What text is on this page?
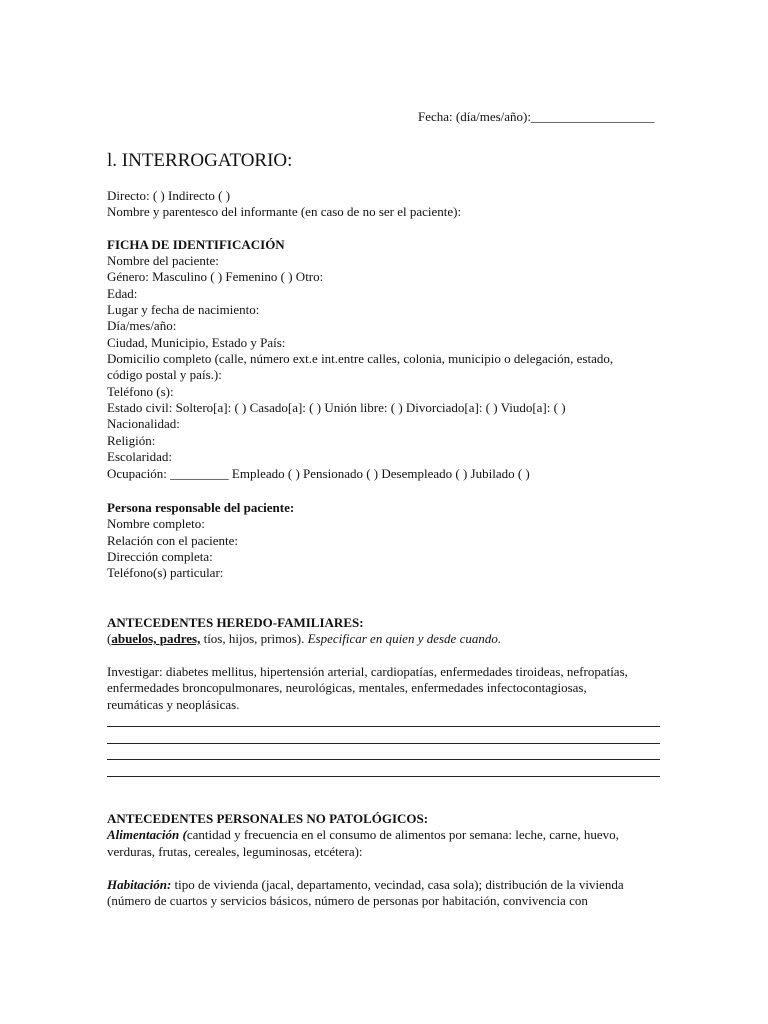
Fecha: (día/mes/año):___________________
l. INTERROGATORIO:
Directo: ( ) Indirecto ( )
Nombre y parentesco del informante (en caso de no ser el paciente):
FICHA DE IDENTIFICACIÓN
Nombre del paciente:
Género: Masculino ( ) Femenino ( ) Otro:
Edad:
Lugar y fecha de nacimiento:
Día/mes/año:
Ciudad, Municipio, Estado y País:
Domicilio completo (calle, número ext.e int.entre calles, colonia, municipio o delegación, estado,
código postal y país.):
Teléfono (s):
Estado civil: Soltero[a]: ( ) Casado[a]: ( ) Unión libre: ( ) Divorciado[a]: ( ) Viudo[a]: ( )
Nacionalidad:
Religión:
Escolaridad:
Ocupación: _________ Empleado ( ) Pensionado ( ) Desempleado ( ) Jubilado ( )
Persona responsable del paciente:
Nombre completo:
Relación con el paciente:
Dirección completa:
Teléfono(s) particular:
ANTECEDENTES HEREDO-FAMILIARES:
(abuelos, padres, tíos, hijos, primos). Especificar en quien y desde cuando.
Investigar: diabetes mellitus, hipertensión arterial, cardiopatías, enfermedades tiroideas, nefropatías,
enfermedades broncopulmonares, neurológicas, mentales, enfermedades infectocontagiosas,
reumáticas y neoplásicas.
ANTECEDENTES PERSONALES NO PATOLÓGICOS:
Alimentación (cantidad y frecuencia en el consumo de alimentos por semana: leche, carne, huevo,
verduras, frutas, cereales, leguminosas, etcétera):
Habitación: tipo de vivienda (jacal, departamento, vecindad, casa sola); distribución de la vivienda
(número de cuartos y servicios básicos, número de personas por habitación, convivencia con
